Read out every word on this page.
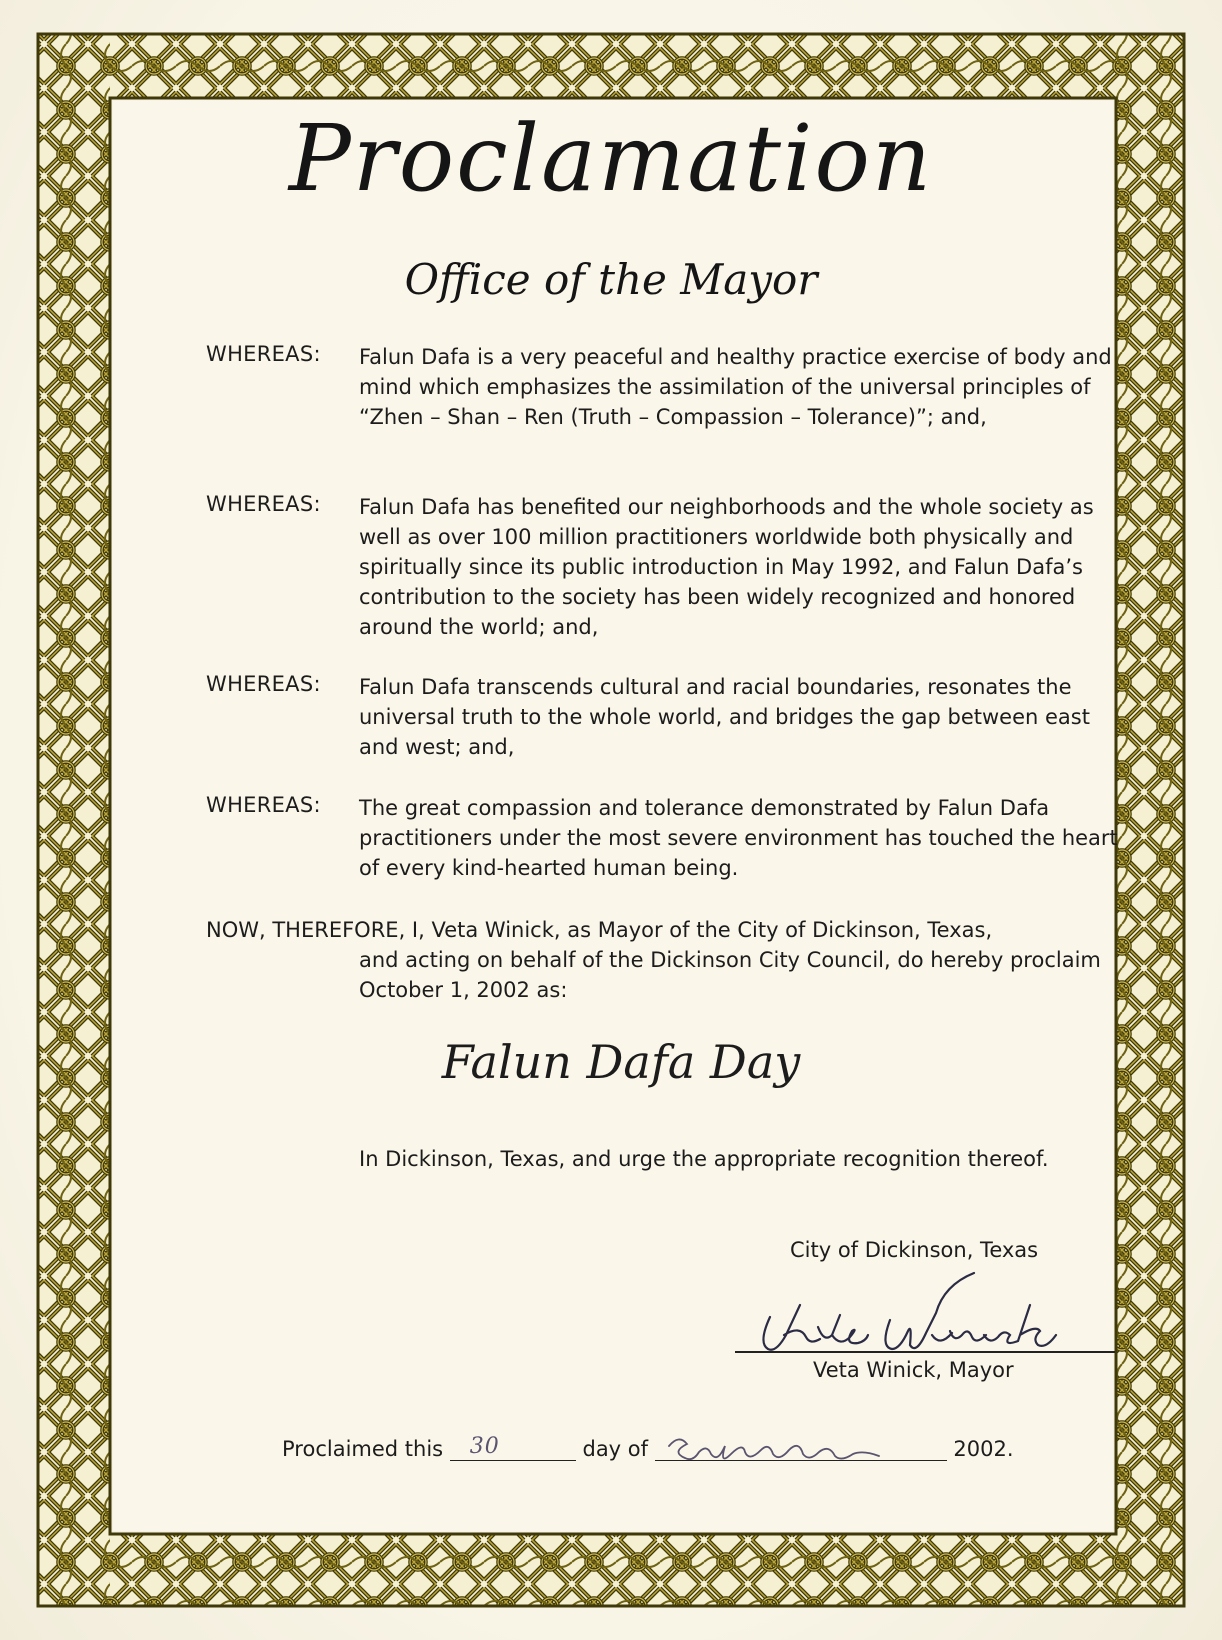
Proclamation
Office of the Mayor
WHEREAS: Falun Dafa is a very peaceful and healthy practice exercise of body and mind which emphasizes the assimilation of the universal principles of “Zhen – Shan – Ren (Truth – Compassion – Tolerance)”; and,
WHEREAS: Falun Dafa has benefited our neighborhoods and the whole society as well as over 100 million practitioners worldwide both physically and spiritually since its public introduction in May 1992, and Falun Dafa’s contribution to the society has been widely recognized and honored around the world; and,
WHEREAS: Falun Dafa transcends cultural and racial boundaries, resonates the universal truth to the whole world, and bridges the gap between east and west; and,
WHEREAS: The great compassion and tolerance demonstrated by Falun Dafa practitioners under the most severe environment has touched the heart of every kind-hearted human being.
NOW, THEREFORE, I, Veta Winick, as Mayor of the City of Dickinson, Texas,
and acting on behalf of the Dickinson City Council, do hereby proclaim October 1, 2002 as:
Falun Dafa Day
In Dickinson, Texas, and urge the appropriate recognition thereof.
City of Dickinson, Texas
Veta Winick, Mayor
Proclaimed this 30	day of	2002.
